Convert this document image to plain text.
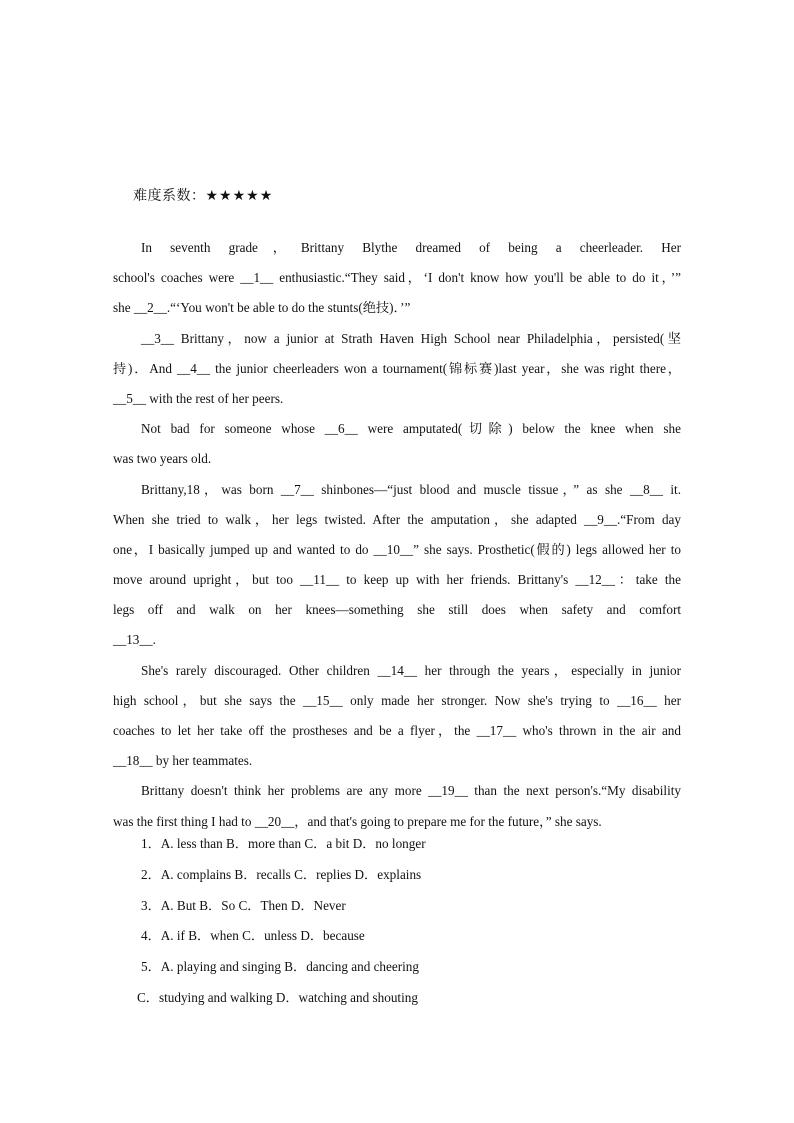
难度系数：★★★★★
In seventh grade，Brittany Blythe dreamed of being a cheerleader. Her
school's coaches were __1__ enthusiastic.“They said，‘I don't know how you'll be able to do it，’”
she __2__.“‘You won't be able to do the stunts(绝技)．’”
__3__ Brittany，now a junior at Strath Haven High School near Philadelphia，persisted(坚
持)．And __4__ the junior cheerleaders won a tournament(锦标赛)last year，she was right there，
__5__ with the rest of her peers.
Not bad for someone whose __6__ were amputated(切除) below the knee when she
was two years old.
Brittany,18，was born __7__ shinbones—“just blood and muscle tissue，” as she __8__ it.
When she tried to walk，her legs twisted. After the amputation，she adapted __9__.“From day
one，I basically jumped up and wanted to do __10__” she says. Prosthetic(假的) legs allowed her to
move around upright，but too __11__ to keep up with her friends. Brittany's __12__：take the
legs off and walk on her knees—something she still does when safety and comfort
__13__.
She's rarely discouraged. Other children __14__ her through the years，especially in junior
high school，but she says the __15__ only made her stronger. Now she's trying to __16__ her
coaches to let her take off the prostheses and be a flyer，the __17__ who's thrown in the air and
__18__ by her teammates.
Brittany doesn't think her problems are any more __19__ than the next person's.“My disability
was the first thing I had to __20__，and that's going to prepare me for the future，” she says.
1．A. less than B．more than C．a bit D．no longer
2．A. complains B．recalls C．replies D．explains
3．A. But B．So C．Then D．Never
4．A. if B．when C．unless D．because
5．A. playing and singing B．dancing and cheering
C．studying and walking D．watching and shouting
